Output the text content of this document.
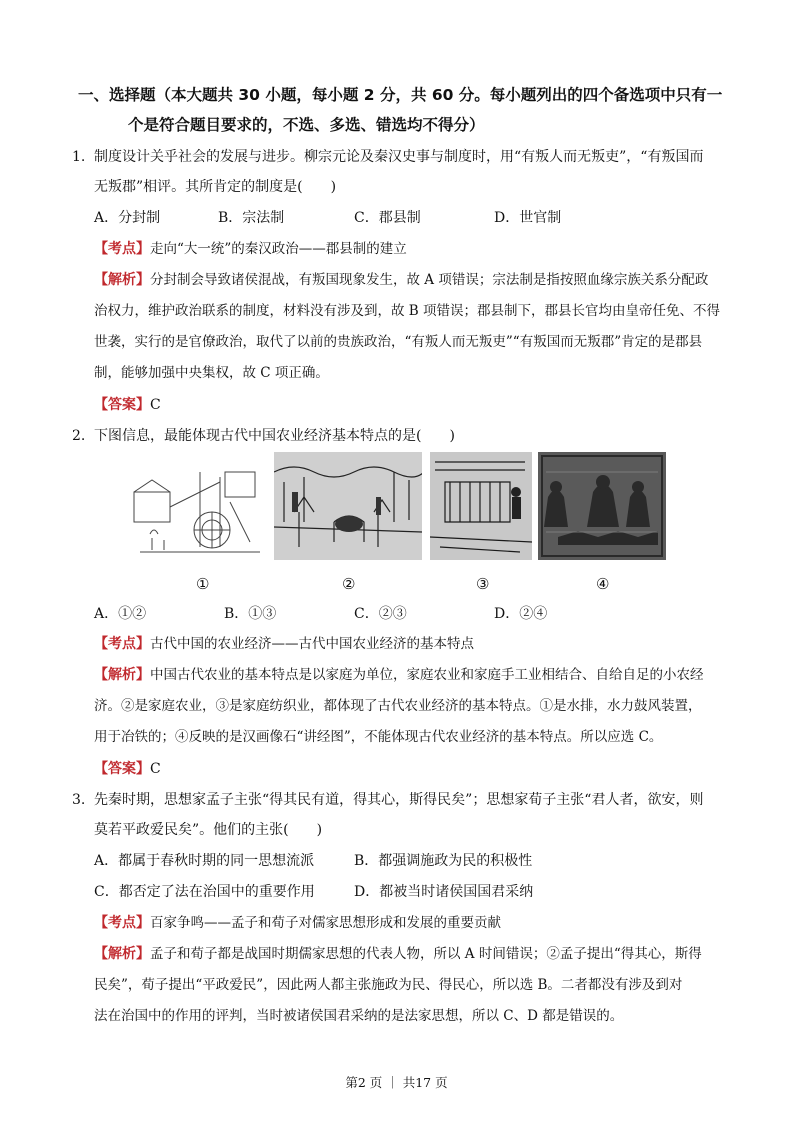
一、选择题（本大题共 30 小题，每小题 2 分，共 60 分。每小题列出的四个备选项中只有一
个是符合题目要求的，不选、多选、错选均不得分）
1. 制度设计关乎社会的发展与进步。柳宗元论及秦汉史事与制度时，用“有叛人而无叛吏”，“有叛国而
无叛郡”相评。其所肯定的制度是(　　)
A．分封制	B．宗法制	C．郡县制	D．世官制
【考点】走向“大一统”的秦汉政治——郡县制的建立
【解析】分封制会导致诸侯混战，有叛国现象发生，故 A 项错误；宗法制是指按照血缘宗族关系分配政
治权力，维护政治联系的制度，材料没有涉及到，故 B 项错误；郡县制下，郡县长官均由皇帝任免、不得
世袭，实行的是官僚政治，取代了以前的贵族政治，“有叛人而无叛吏”“有叛国而无叛郡”肯定的是郡县
制，能够加强中央集权，故 C 项正确。
【答案】C
2. 下图信息，最能体现古代中国农业经济基本特点的是(　　)
①	②	③	④
A．①②	B．①③	C．②③	D．②④
【考点】古代中国的农业经济——古代中国农业经济的基本特点
【解析】中国古代农业的基本特点是以家庭为单位，家庭农业和家庭手工业相结合、自给自足的小农经
济。②是家庭农业，③是家庭纺织业，都体现了古代农业经济的基本特点。①是水排，水力鼓风装置，
用于冶铁的；④反映的是汉画像石“讲经图”，不能体现古代农业经济的基本特点。所以应选 C。
【答案】C
3. 先秦时期，思想家孟子主张“得其民有道，得其心，斯得民矣”；思想家荀子主张“君人者，欲安，则
莫若平政爱民矣”。他们的主张(　　)
A．都属于春秋时期的同一思想流派	B．都强调施政为民的积极性
C．都否定了法在治国中的重要作用	D．都被当时诸侯国国君采纳
【考点】百家争鸣——孟子和荀子对儒家思想形成和发展的重要贡献
【解析】孟子和荀子都是战国时期儒家思想的代表人物，所以 A 时间错误；②孟子提出“得其心，斯得
民矣”，荀子提出“平政爱民”，因此两人都主张施政为民、得民心，所以选 B。二者都没有涉及到对
法在治国中的作用的评判，当时被诸侯国君采纳的是法家思想，所以 C、D 都是错误的。
第2 页 ｜ 共17 页
